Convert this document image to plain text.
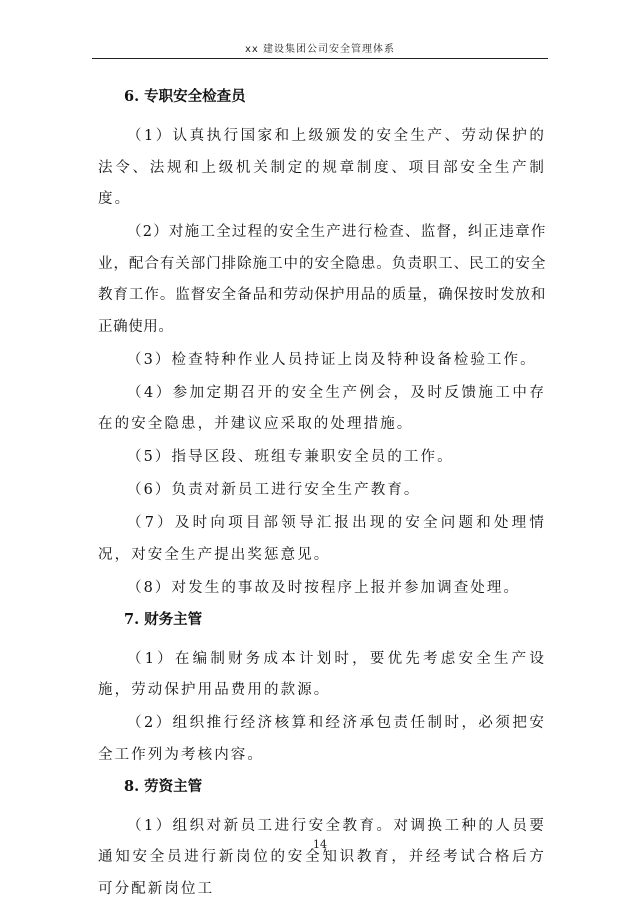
xx 建设集团公司安全管理体系
6. 专职安全检查员
（1）认真执行国家和上级颁发的安全生产、劳动保护的法令、法规和上级机关制定的规章制度、项目部安全生产制度。
（2）对施工全过程的安全生产进行检查、监督，纠正违章作业，配合有关部门排除施工中的安全隐患。负责职工、民工的安全教育工作。监督安全备品和劳动保护用品的质量，确保按时发放和正确使用。
（3）检查特种作业人员持证上岗及特种设备检验工作。
（4）参加定期召开的安全生产例会，及时反馈施工中存在的安全隐患，并建议应采取的处理措施。
（5）指导区段、班组专兼职安全员的工作。
（6）负责对新员工进行安全生产教育。
（7）及时向项目部领导汇报出现的安全问题和处理情况，对安全生产提出奖惩意见。
（8）对发生的事故及时按程序上报并参加调查处理。
7. 财务主管
（1）在编制财务成本计划时，要优先考虑安全生产设施，劳动保护用品费用的款源。
（2）组织推行经济核算和经济承包责任制时，必须把安全工作列为考核内容。
8. 劳资主管
（1）组织对新员工进行安全教育。对调换工种的人员要通知安全员进行新岗位的安全知识教育，并经考试合格后方可分配新岗位工
14
